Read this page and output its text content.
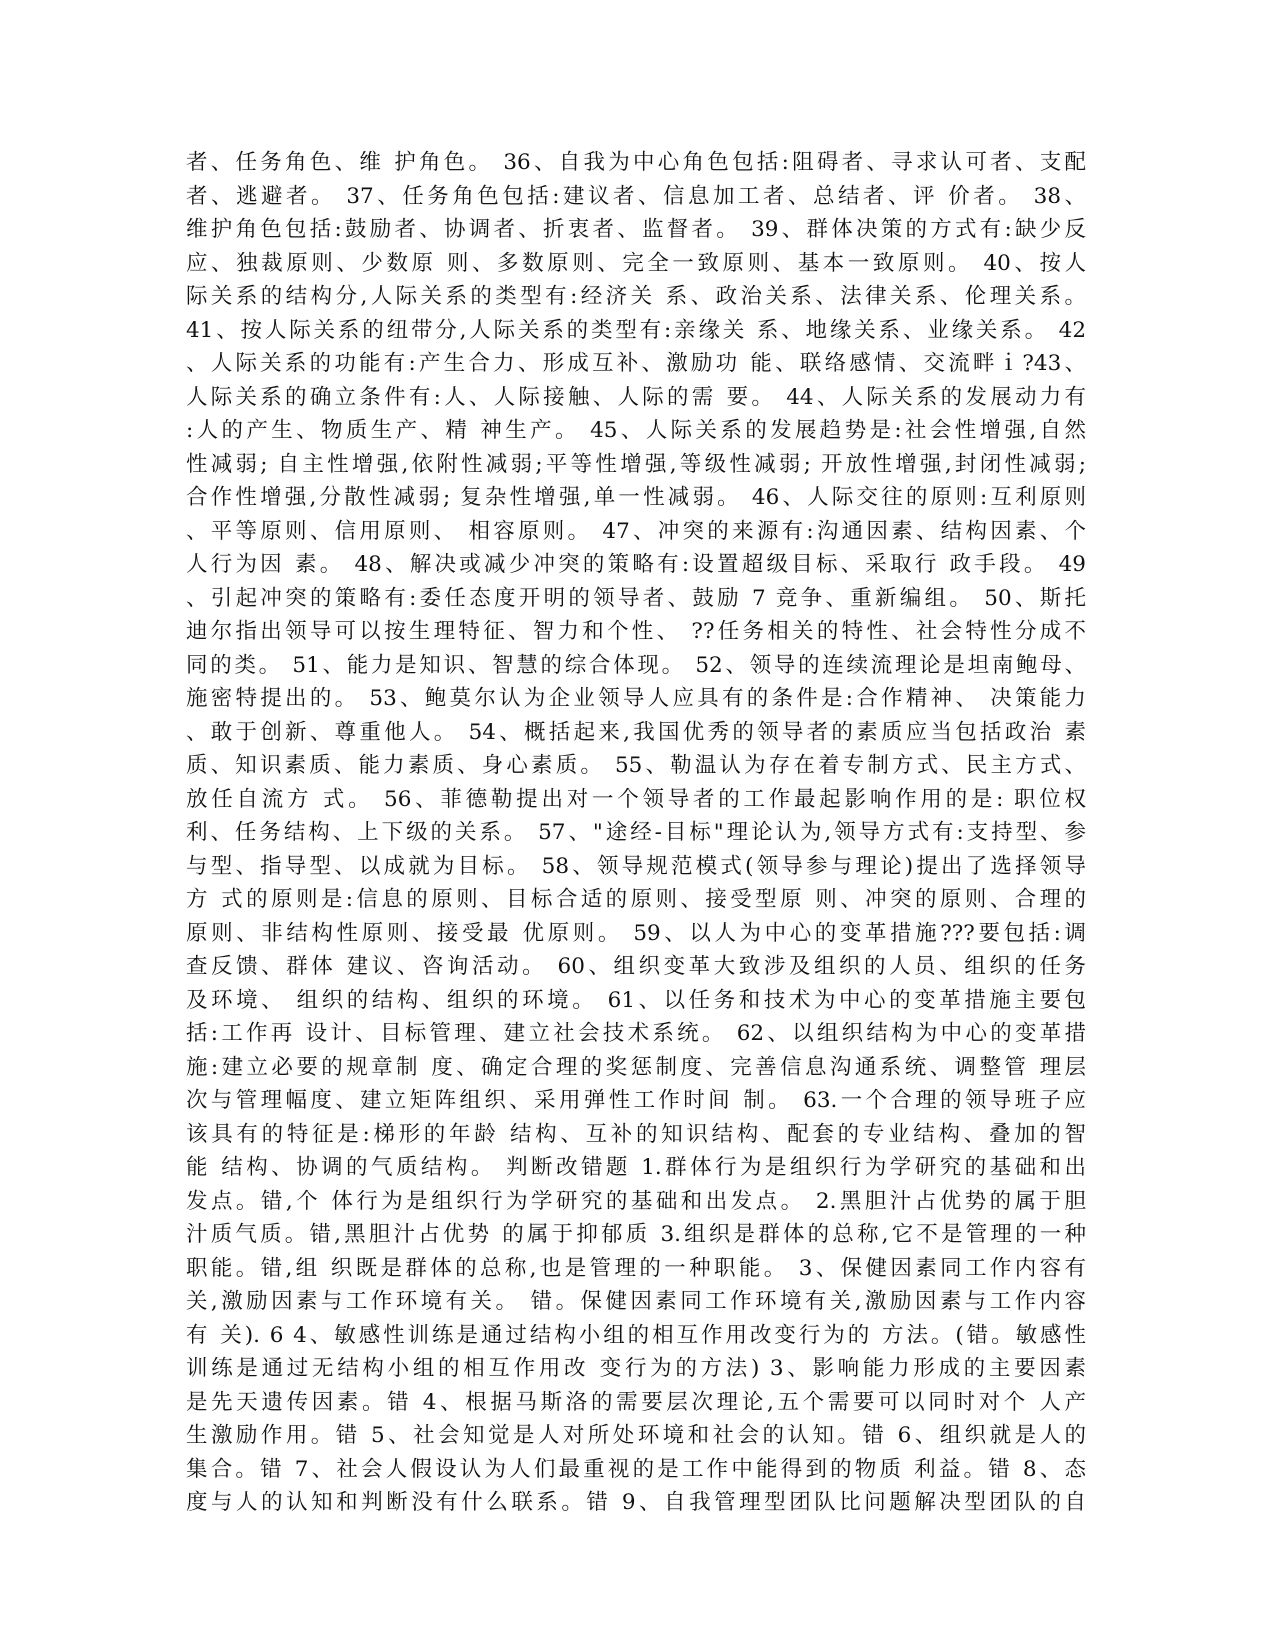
者、任务角色、维 护角色。 36、自我为中心角色包括:阻碍者、寻求认可者、支配
者、逃避者。 37、任务角色包括:建议者、信息加工者、总结者、评 价者。 38、
维护角色包括:鼓励者、协调者、折衷者、监督者。 39、群体决策的方式有:缺少反
应、独裁原则、少数原 则、多数原则、完全一致原则、基本一致原则。 40、按人
际关系的结构分,人际关系的类型有:经济关 系、政治关系、法律关系、伦理关系。
41、按人际关系的纽带分,人际关系的类型有:亲缘关 系、地缘关系、业缘关系。 42
、人际关系的功能有:产生合力、形成互补、激励功 能、联络感情、交流畔ｉ?43、
人际关系的确立条件有:人、人际接触、人际的需 要。 44、人际关系的发展动力有
:人的产生、物质生产、精 神生产。 45、人际关系的发展趋势是:社会性增强,自然
性减弱; 自主性增强,依附性减弱;平等性增强,等级性减弱; 开放性增强,封闭性减弱;
合作性增强,分散性减弱; 复杂性增强,单一性减弱。 46、人际交往的原则:互利原则
、平等原则、信用原则、 相容原则。 47、冲突的来源有:沟通因素、结构因素、个
人行为因 素。 48、解决或减少冲突的策略有:设置超级目标、采取行 政手段。 49
、引起冲突的策略有:委任态度开明的领导者、鼓励 7 竞争、重新编组。 50、斯托
迪尔指出领导可以按生理特征、智力和个性、 ??任务相关的特性、社会特性分成不
同的类。 51、能力是知识、智慧的综合体现。 52、领导的连续流理论是坦南鲍母、
施密特提出的。 53、鲍莫尔认为企业领导人应具有的条件是:合作精神、 决策能力
、敢于创新、尊重他人。 54、概括起来,我国优秀的领导者的素质应当包括政治 素
质、知识素质、能力素质、身心素质。 55、勒温认为存在着专制方式、民主方式、
放任自流方 式。 56、菲德勒提出对一个领导者的工作最起影响作用的是: 职位权
利、任务结构、上下级的关系。 57、"途经-目标"理论认为,领导方式有:支持型、参
与型、指导型、以成就为目标。 58、领导规范模式(领导参与理论)提出了选择领导
方 式的原则是:信息的原则、目标合适的原则、接受型原 则、冲突的原则、合理的
原则、非结构性原则、接受最 优原则。 59、以人为中心的变革措施???要包括:调
查反馈、群体 建议、咨询活动。 60、组织变革大致涉及组织的人员、组织的任务
及环境、 组织的结构、组织的环境。 61、以任务和技术为中心的变革措施主要包
括:工作再 设计、目标管理、建立社会技术系统。 62、以组织结构为中心的变革措
施:建立必要的规章制 度、确定合理的奖惩制度、完善信息沟通系统、调整管 理层
次与管理幅度、建立矩阵组织、采用弹性工作时间 制。 63.一个合理的领导班子应
该具有的特征是:梯形的年龄 结构、互补的知识结构、配套的专业结构、叠加的智
能 结构、协调的气质结构。 判断改错题 1.群体行为是组织行为学研究的基础和出
发点。错,个 体行为是组织行为学研究的基础和出发点。 2.黑胆汁占优势的属于胆
汁质气质。错,黑胆汁占优势 的属于抑郁质 3.组织是群体的总称,它不是管理的一种
职能。错,组 织既是群体的总称,也是管理的一种职能。 3、保健因素同工作内容有
关,激励因素与工作环境有关。 错。保健因素同工作环境有关,激励因素与工作内容
有 关). 6 4、敏感性训练是通过结构小组的相互作用改变行为的 方法。(错。敏感性
训练是通过无结构小组的相互作用改 变行为的方法) 3、影响能力形成的主要因素
是先天遗传因素。错 4、根据马斯洛的需要层次理论,五个需要可以同时对个 人产
生激励作用。错 5、社会知觉是人对所处环境和社会的认知。错 6、组织就是人的
集合。错 7、社会人假设认为人们最重视的是工作中能得到的物质 利益。错 8、态
度与人的认知和判断没有什么联系。错 9、自我管理型团队比问题解决型团队的自
